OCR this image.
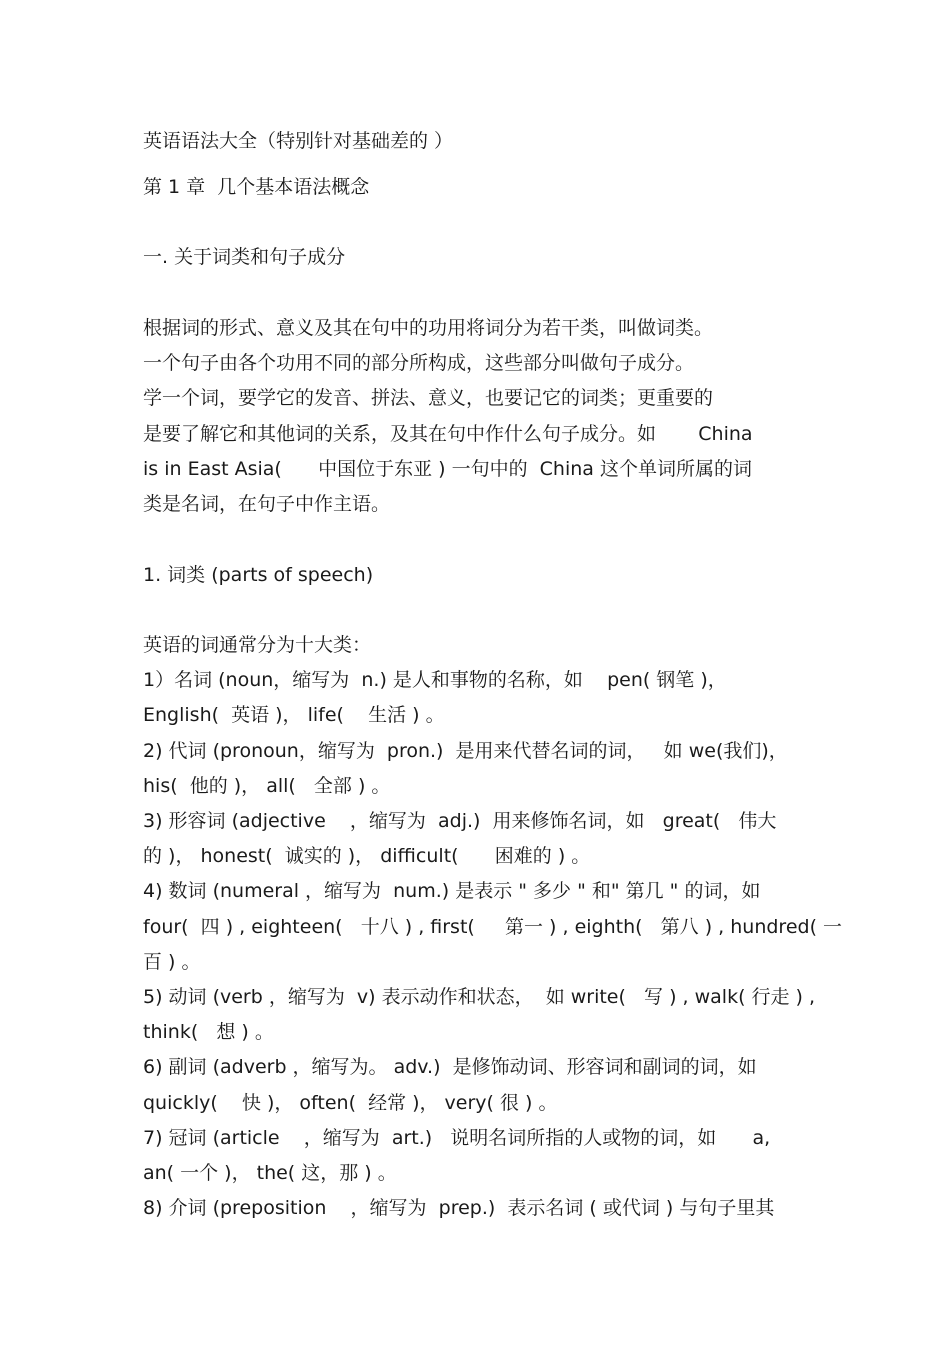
英语语法大全（特别针对基础差的 ）
第 1 章  几个基本语法概念
一. 关于词类和句子成分
根据词的形式、意义及其在句中的功用将词分为若干类，叫做词类。
一个句子由各个功用不同的部分所构成，这些部分叫做句子成分。
学一个词，要学它的发音、拼法、意义，也要记它的词类；更重要的
是要了解它和其他词的关系，及其在句中作什么句子成分。如       China
is in East Asia(      中国位于东亚 ) 一句中的  China 这个单词所属的词
类是名词，在句子中作主语。
1. 词类 (parts of speech)
英语的词通常分为十大类：
1）名词 (noun，缩写为  n.) 是人和事物的名称，如    pen( 钢笔 )，
English(  英语 )， life(    生活 ) 。
2) 代词 (pronoun，缩写为  pron.)  是用来代替名词的词，   如 we(我们)，
his(  他的 )， all(   全部 ) 。
3) 形容词 (adjective    ，缩写为  adj.)  用来修饰名词，如   great(   伟大
的 )， honest(  诚实的 )， difficult(      困难的 ) 。
4) 数词 (numeral ，缩写为  num.) 是表示 " 多少 " 和" 第几 " 的词，如
four(  四 ) , eighteen(   十八 ) , first(     第一 ) , eighth(   第八 ) , hundred( 一
百 ) 。
5) 动词 (verb ，缩写为  v) 表示动作和状态，  如 write(   写 ) , walk( 行走 ) ,
think(   想 ) 。
6) 副词 (adverb ，缩写为。 adv.)  是修饰动词、形容词和副词的词，如
quickly(    快 )， often(  经常 )， very( 很 ) 。
7) 冠词 (article    ，缩写为  art.)   说明名词所指的人或物的词，如      a,
an( 一个 )， the( 这，那 ) 。
8) 介词 (preposition    ，缩写为  prep.)  表示名词 ( 或代词 ) 与句子里其
